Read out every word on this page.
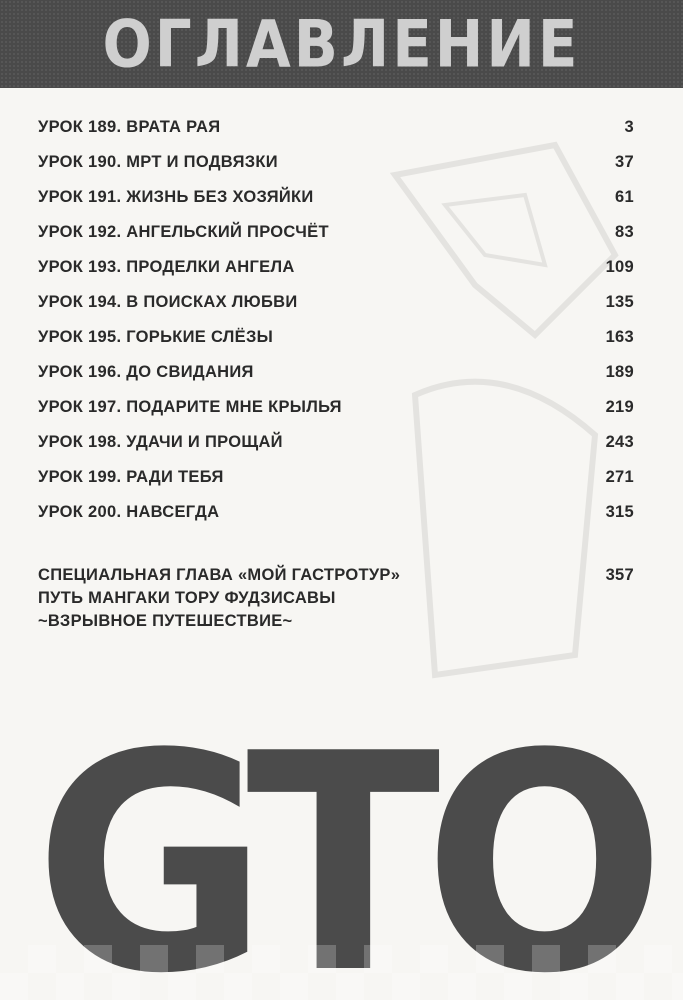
ОГЛАВЛЕНИЕ
УРОК 189. ВРАТА РАЯ	3
УРОК 190. МРТ И ПОДВЯЗКИ	37
УРОК 191. ЖИЗНЬ БЕЗ ХОЗЯЙКИ	61
УРОК 192. АНГЕЛЬСКИЙ ПРОСЧЁТ	83
УРОК 193. ПРОДЕЛКИ АНГЕЛА	109
УРОК 194. В ПОИСКАХ ЛЮБВИ	135
УРОК 195. ГОРЬКИЕ СЛЁЗЫ	163
УРОК 196. ДО СВИДАНИЯ	189
УРОК 197. ПОДАРИТЕ МНЕ КРЫЛЬЯ	219
УРОК 198. УДАЧИ И ПРОЩАЙ	243
УРОК 199. РАДИ ТЕБЯ	271
УРОК 200. НАВСЕГДА	315
СПЕЦИАЛЬНАЯ ГЛАВА «МОЙ ГАСТРОТУР»	357
ПУТЬ МАНГАКИ ТОРУ ФУДЗИСАВЫ
~ВЗРЫВНОЕ ПУТЕШЕСТВИЕ~
GTO
